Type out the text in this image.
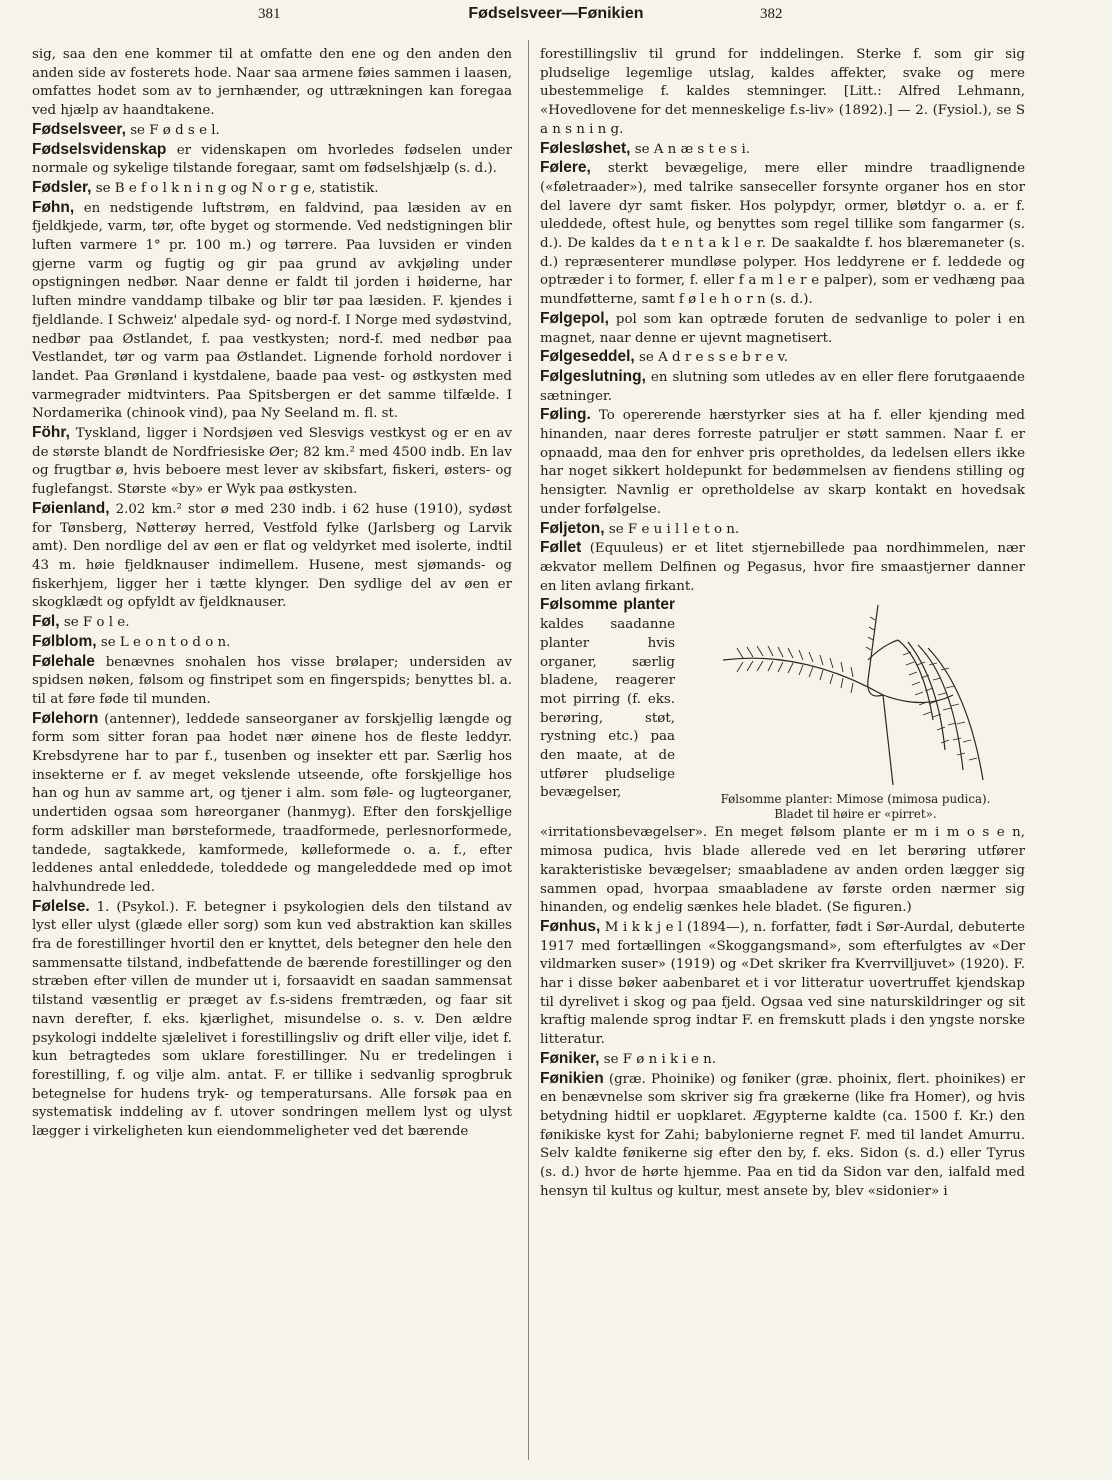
381	Fødselsveer—Fønikien	382

sig, saa den ene kommer til at omfatte den ene og den anden den anden side av fosterets hode. Naar saa armene føies sammen i laasen, omfattes hodet som av to jernhænder, og uttrækningen kan foregaa ved hjælp av haandtakene.

Fødselsveer, se F ø d s e l.

Fødselsvidenskap er videnskapen om hvorledes fødselen under normale og sykelige tilstande foregaar, samt om fødselshjælp (s. d.).

Fødsler, se B e f o l k n i n g og N o r g e, statistik.

Føhn, en nedstigende luftstrøm, en faldvind, paa læsiden av en fjeldkjede, varm, tør, ofte byget og stormende. Ved nedstigningen blir luften varmere 1° pr. 100 m.) og tørrere. Paa luvsiden er vinden gjerne varm og fugtig og gir paa grund av avkjøling under opstigningen nedbør. Naar denne er faldt til jorden i høiderne, har luften mindre vanddamp tilbake og blir tør paa læsiden. F. kjendes i fjeldlande. I Schweiz' alpedale syd- og nord-f. I Norge med sydøstvind, nedbør paa Østlandet, f. paa vestkysten; nord-f. med nedbør paa Vestlandet, tør og varm paa Østlandet. Lignende forhold nordover i landet. Paa Grønland i kystdalene, baade paa vest- og østkysten med varmegrader midtvinters. Paa Spitsbergen er det samme tilfælde. I Nordamerika (chinook vind), paa Ny Seeland m. fl. st.

Föhr, Tyskland, ligger i Nordsjøen ved Slesvigs vestkyst og er en av de største blandt de Nordfriesiske Øer; 82 km.² med 4500 indb. En lav og frugtbar ø, hvis beboere mest lever av skibsfart, fiskeri, østers- og fuglefangst. Største «by» er Wyk paa østkysten.

Føienland, 2.02 km.² stor ø med 230 indb. i 62 huse (1910), sydøst for Tønsberg, Nøtterøy herred, Vestfold fylke (Jarlsberg og Larvik amt). Den nordlige del av øen er flat og veldyrket med isolerte, indtil 43 m. høie fjeldknauser indimellem. Husene, mest sjømands- og fiskerhjem, ligger her i tætte klynger. Den sydlige del av øen er skogklædt og opfyldt av fjeldknauser.

Føl, se F o l e.

Følblom, se L e o n t o d o n.

Følehale benævnes snohalen hos visse brølaper; undersiden av spidsen nøken, følsom og finstripet som en fingerspids; benyttes bl. a. til at føre føde til munden.

Følehorn (antenner), leddede sanseorganer av forskjellig længde og form som sitter foran paa hodet nær øinene hos de fleste leddyr. Krebsdyrene har to par f., tusenben og insekter ett par. Særlig hos insekterne er f. av meget vekslende utseende, ofte forskjellige hos han og hun av samme art, og tjener i alm. som føle- og lugteorganer, undertiden ogsaa som høreorganer (hanmyg). Efter den forskjellige form adskiller man børsteformede, traadformede, perlesnorformede, tandede, sagtakkede, kamformede, kølleformede o. a. f., efter leddenes antal enleddede, toleddede og mangeleddede med op imot halvhundrede led.

Følelse. 1. (Psykol.). F. betegner i psykologien dels den tilstand av lyst eller ulyst (glæde eller sorg) som kun ved abstraktion kan skilles fra de forestillinger hvortil den er knyttet, dels betegner den hele den sammensatte tilstand, indbefattende de bærende forestillinger og den stræben efter villen de munder ut i, forsaavidt en saadan sammensat tilstand væsentlig er præget av f.s-sidens fremtræden, og faar sit navn derefter, f. eks. kjærlighet, misundelse o. s. v. Den ældre psykologi inddelte sjælelivet i forestillingsliv og drift eller vilje, idet f. kun betragtedes som uklare forestillinger. Nu er tredelingen i forestilling, f. og vilje alm. antat. F. er tillike i sedvanlig sprogbruk betegnelse for hudens tryk- og temperatursans. Alle forsøk paa en systematisk inddeling av f. utover sondringen mellem lyst og ulyst lægger i virkeligheten kun eiendommeligheter ved det bærende

forestillingsliv til grund for inddelingen. Sterke f. som gir sig pludselige legemlige utslag, kaldes affekter, svake og mere ubestemmelige f. kaldes stemninger. [Litt.: Alfred Lehmann, «Hovedlovene for det menneskelige f.s-liv» (1892).] — 2. (Fysiol.), se S a n s n i n g.

Følesløshet, se A n æ s t e s i.

Følere, sterkt bevægelige, mere eller mindre traadlignende («føletraader»), med talrike sanseceller forsynte organer hos en stor del lavere dyr samt fisker. Hos polypdyr, ormer, bløtdyr o. a. er f. uleddede, oftest hule, og benyttes som regel tillike som fangarmer (s. d.). De kaldes da t e n t a k l e r. De saakaldte f. hos blæremaneter (s. d.) repræsenterer mundløse polyper. Hos leddyrene er f. leddede og optræder i to former, f. eller f a m l e r e palper), som er vedhæng paa mundføtterne, samt f ø l e h o r n (s. d.).

Følgepol, pol som kan optræde foruten de sedvanlige to poler i en magnet, naar denne er ujevnt magnetisert.

Følgeseddel, se A d r e s s e b r e v.

Følgeslutning, en slutning som utledes av en eller flere forutgaaende sætninger.

Føling. To opererende hærstyrker sies at ha f. eller kjending med hinanden, naar deres forreste patruljer er støtt sammen. Naar f. er opnaadd, maa den for enhver pris opretholdes, da ledelsen ellers ikke har noget sikkert holdepunkt for bedømmelsen av fiendens stilling og hensigter. Navnlig er opretholdelse av skarp kontakt en hovedsak under forfølgelse.

Føljeton, se F e u i l l e t o n.

Føllet (Equuleus) er et litet stjernebillede paa nordhimmelen, nær ækvator mellem Delfinen og Pegasus, hvor fire smaastjerner danner en liten avlang firkant.

Følsomme planter
Følsomme planter: Mimose (mimosa pudica).
Bladet til høire er «pirret».
kaldes saadanne planter hvis organer, særlig bladene, reagerer mot pirring (f. eks. berøring, støt, rystning etc.) paa den maate, at de utfører pludselige bevægelser, «irritationsbevægelser». En meget følsom plante er m i m o s e n, mimosa pudica, hvis blade allerede ved en let berøring utfører karakteristiske bevægelser; smaabladene av anden orden lægger sig sammen opad, hvorpaa smaabladene av første orden nærmer sig hinanden, og endelig sænkes hele bladet. (Se figuren.)

Fønhus, M i k k j e l (1894—), n. forfatter, født i Sør-Aurdal, debuterte 1917 med fortællingen «Skoggangsmand», som efterfulgtes av «Der vildmarken suser» (1919) og «Det skriker fra Kverrvilljuvet» (1920). F. har i disse bøker aabenbaret et i vor litteratur uovertruffet kjendskap til dyrelivet i skog og paa fjeld. Ogsaa ved sine naturskildringer og sit kraftig malende sprog indtar F. en fremskutt plads i den yngste norske litteratur.

Føniker, se F ø n i k i e n.

Fønikien (græ. Phoinike) og føniker (græ. phoinix, flert. phoinikes) er en benævnelse som skriver sig fra grækerne (like fra Homer), og hvis betydning hidtil er uopklaret. Ægypterne kaldte (ca. 1500 f. Kr.) den fønikiske kyst for Zahi; babylonierne regnet F. med til landet Amurru. Selv kaldte fønikerne sig efter den by, f. eks. Sidon (s. d.) eller Tyrus (s. d.) hvor de hørte hjemme. Paa en tid da Sidon var den, ialfald med hensyn til kultus og kultur, mest ansete by, blev «sidonier» i
